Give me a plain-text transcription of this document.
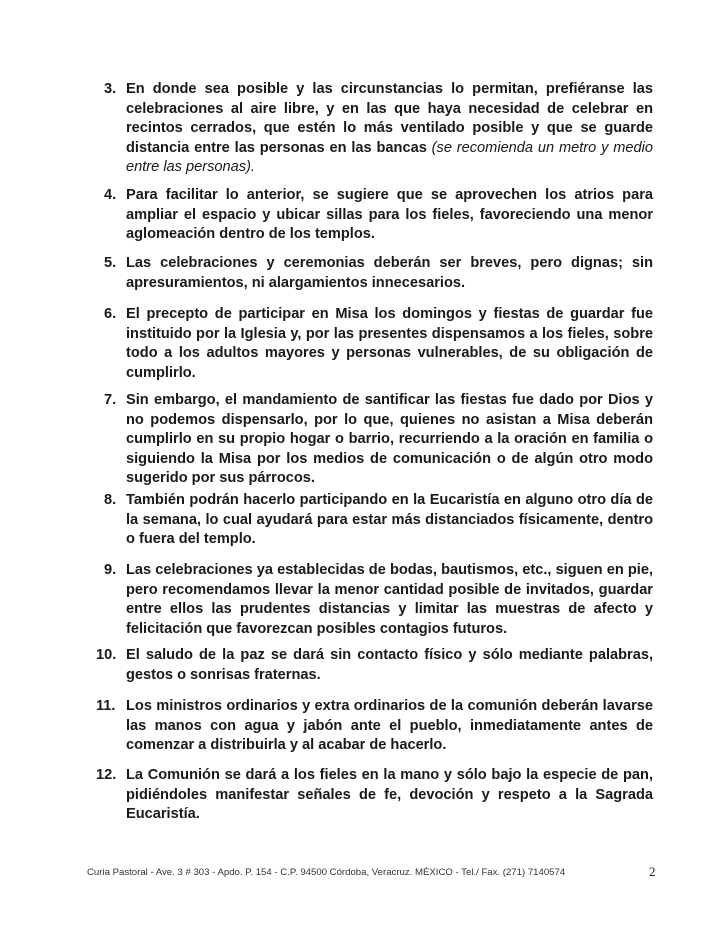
3. En donde sea posible y las circunstancias lo permitan, prefiéranse las celebraciones al aire libre, y en las que haya necesidad de celebrar en recintos cerrados, que estén lo más ventilado posible y que se guarde distancia entre las personas en las bancas (se recomienda un metro y medio entre las personas).
4. Para facilitar lo anterior, se sugiere que se aprovechen los atrios para ampliar el espacio y ubicar sillas para los fieles, favoreciendo una menor aglomeación dentro de los templos.
5. Las celebraciones y ceremonias deberán ser breves, pero dignas; sin apresuramientos, ni alargamientos innecesarios.
6. El precepto de participar en Misa los domingos y fiestas de guardar fue instituido por la Iglesia y, por las presentes dispensamos a los fieles, sobre todo a los adultos mayores y personas vulnerables, de su obligación de cumplirlo.
7. Sin embargo, el mandamiento de santificar las fiestas fue dado por Dios y no podemos dispensarlo, por lo que, quienes no asistan a Misa deberán cumplirlo en su propio hogar o barrio, recurriendo a la oración en familia o siguiendo la Misa por los medios de comunicación o de algún otro modo sugerido por sus párrocos.
8. También podrán hacerlo participando en la Eucaristía en alguno otro día de la semana, lo cual ayudará para estar más distanciados físicamente, dentro o fuera del templo.
9. Las celebraciones ya establecidas de bodas, bautismos, etc., siguen en pie, pero recomendamos llevar la menor cantidad posible de invitados, guardar entre ellos las prudentes distancias y limitar las muestras de afecto y felicitación que favorezcan posibles contagios futuros.
10. El saludo de la paz se dará sin contacto físico y sólo mediante palabras, gestos o sonrisas fraternas.
11. Los ministros ordinarios y extra ordinarios de la comunión deberán lavarse las manos con agua y jabón ante el pueblo, inmediatamente antes de comenzar a distribuirla y al acabar de hacerlo.
12. La Comunión se dará a los fieles en la mano y sólo bajo la especie de pan, pidiéndoles manifestar señales de fe, devoción y respeto a la Sagrada Eucaristía.
Curia Pastoral - Ave. 3 # 303 - Apdo. P. 154 - C.P. 94500 Córdoba, Veracruz. MÉXICO - Tel./ Fax. (271) 7140574	2
